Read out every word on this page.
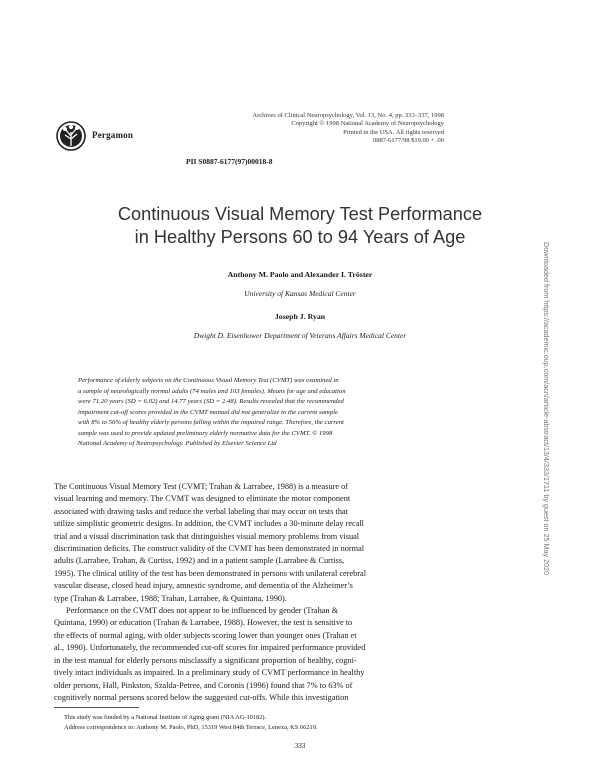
Pergamon
Archives of Clinical Neuropsychology, Vol. 13, No. 4, pp. 333–337, 1998
Copyright © 1998 National Academy of Neuropsychology
Printed in the USA. All rights reserved
0887-6177/98 $19.00 + .00
PII S0887-6177(97)00018-8
Continuous Visual Memory Test Performance
in Healthy Persons 60 to 94 Years of Age
Anthony M. Paolo and Alexander I. Tröster
University of Kansas Medical Center
Joseph J. Ryan
Dwight D. Eisenhower Department of Veterans Affairs Medical Center
Performance of elderly subjects on the Continuous Visual Memory Test (CVMT) was examined in
a sample of neurologically normal adults (74 males and 103 females). Means for age and education
were 71.20 years (SD = 6.02) and 14.77 years (SD = 2.48). Results revealed that the recommended
impairment cut-off scores provided in the CVMT manual did not generalize to the current sample
with 8% to 50% of healthy elderly persons falling within the impaired range. Therefore, the current
sample was used to provide updated preliminary elderly normative data for the CVMT. © 1998
National Academy of Neuropsychology. Published by Elsevier Science Ltd
The Continuous Visual Memory Test (CVMT; Trahan & Larrabee, 1988) is a measure of
visual learning and memory. The CVMT was designed to eliminate the motor component
associated with drawing tasks and reduce the verbal labeling that may occur on tests that
utilize simplistic geometric designs. In addition, the CVMT includes a 30-minute delay recall
trial and a visual discrimination task that distinguishes visual memory problems from visual
discrimination deficits. The construct validity of the CVMT has been demonstrated in normal
adults (Larrabee, Trahan, & Curtiss, 1992) and in a patient sample (Larrabee & Curtiss,
1995). The clinical utility of the test has been demonstrated in persons with unilateral cerebral
vascular disease, closed head injury, amnestic syndrome, and dementia of the Alzheimer’s
type (Trahan & Larrabee, 1988; Trahan, Larrabee, & Quintana, 1990).
Performance on the CVMT does not appear to be influenced by gender (Trahan &
Quintana, 1990) or education (Trahan & Larrabee, 1988). However, the test is sensitive to
the effects of normal aging, with older subjects scoring lower than younger ones (Trahan et
al., 1990). Unfortunately, the recommended cut-off scores for impaired performance provided
in the test manual for elderly persons misclassify a significant proportion of healthy, cogni-
tively intact individuals as impaired. In a preliminary study of CVMT performance in healthy
older persons, Hall, Pinkston, Szalda-Petree, and Coronis (1996) found that 7% to 63% of
cognitively normal persons scored below the suggested cut-offs. While this investigation
This study was funded by a National Institute of Aging grant (NIA AG-10182).
Address correspondence to: Anthony M. Paolo, PhD, 15319 West 84th Terrace, Lenexa, KS 66219.
333
Downloaded from https://academic.oup.com/acn/article-abstract/13/4/333/1711 by guest on 25 May 2020
